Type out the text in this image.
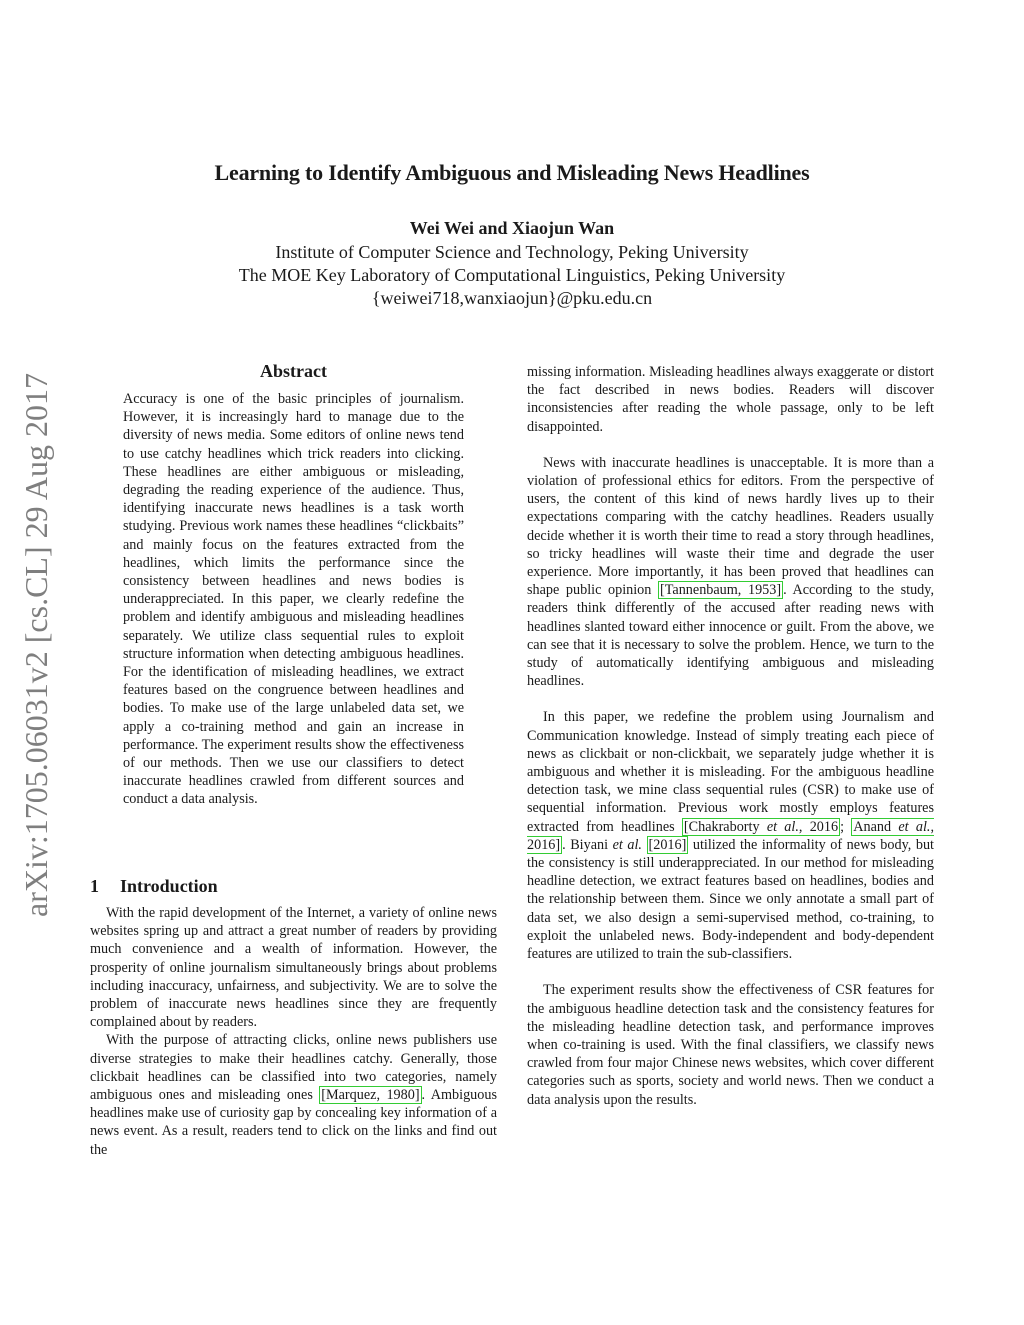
Learning to Identify Ambiguous and Misleading News Headlines
Wei Wei and Xiaojun Wan
Institute of Computer Science and Technology, Peking University
The MOE Key Laboratory of Computational Linguistics, Peking University
{weiwei718,wanxiaojun}@pku.edu.cn
arXiv:1705.06031v2 [cs.CL] 29 Aug 2017
Abstract

Accuracy is one of the basic principles of journalism. However, it is increasingly hard to manage due to the diversity of news media. Some editors of online news tend to use catchy headlines which trick readers into clicking. These headlines are either ambiguous or misleading, degrading the reading experience of the audience. Thus, identifying inaccurate news headlines is a task worth studying. Previous work names these headlines “clickbaits” and mainly focus on the features extracted from the headlines, which limits the performance since the consistency between headlines and news bodies is underappreciated. In this paper, we clearly redefine the problem and identify ambiguous and misleading headlines separately. We utilize class sequential rules to exploit structure information when detecting ambiguous headlines. For the identification of misleading headlines, we extract features based on the congruence between headlines and bodies. To make use of the large unlabeled data set, we apply a co-training method and gain an increase in performance. The experiment results show the effectiveness of our methods. Then we use our classifiers to detect inaccurate headlines crawled from different sources and conduct a data analysis.

1 Introduction

With the rapid development of the Internet, a variety of online news websites spring up and attract a great number of readers by providing much convenience and a wealth of information. However, the prosperity of online journalism simultaneously brings about problems including inaccuracy, unfairness, and subjectivity. We are to solve the problem of inaccurate news headlines since they are frequently complained about by readers.

With the purpose of attracting clicks, online news publishers use diverse strategies to make their headlines catchy. Generally, those clickbait headlines can be classified into two categories, namely ambiguous ones and misleading ones [Marquez, 1980] . Ambiguous headlines make use of curiosity gap by concealing key information of a news event. As a result, readers tend to click on the links and find out the

missing information. Misleading headlines always exaggerate or distort the fact described in news bodies. Readers will discover inconsistencies after reading the whole passage, only to be left disappointed.

News with inaccurate headlines is unacceptable. It is more than a violation of professional ethics for editors. From the perspective of users, the content of this kind of news hardly lives up to their expectations comparing with the catchy headlines. Readers usually decide whether it is worth their time to read a story through headlines, so tricky headlines will waste their time and degrade the user experience. More importantly, it has been proved that headlines can shape public opinion [Tannenbaum, 1953] . According to the study, readers think differently of the accused after reading news with headlines slanted toward either innocence or guilt. From the above, we can see that it is necessary to solve the problem. Hence, we turn to the study of automatically identifying ambiguous and misleading headlines.

In this paper, we redefine the problem using Journalism and Communication knowledge. Instead of simply treating each piece of news as clickbait or non-clickbait, we separately judge whether it is ambiguous and whether it is misleading. For the ambiguous headline detection task, we mine class sequential rules (CSR) to make use of sequential information. Previous work mostly employs features extracted from headlines [Chakraborty et al., 2016 ; Anand et al., 2016] . Biyani et al. [2016] utilized the informality of news body, but the consistency is still underappreciated. In our method for misleading headline detection, we extract features based on headlines, bodies and the relationship between them. Since we only annotate a small part of data set, we also design a semi-supervised method, co-training, to exploit the unlabeled news. Body-independent and body-dependent features are utilized to train the sub-classifiers.

The experiment results show the effectiveness of CSR features for the ambiguous headline detection task and the consistency features for the misleading headline detection task, and performance improves when co-training is used. With the final classifiers, we classify news crawled from four major Chinese news websites, which cover different categories such as sports, society and world news. Then we conduct a data analysis upon the results.
